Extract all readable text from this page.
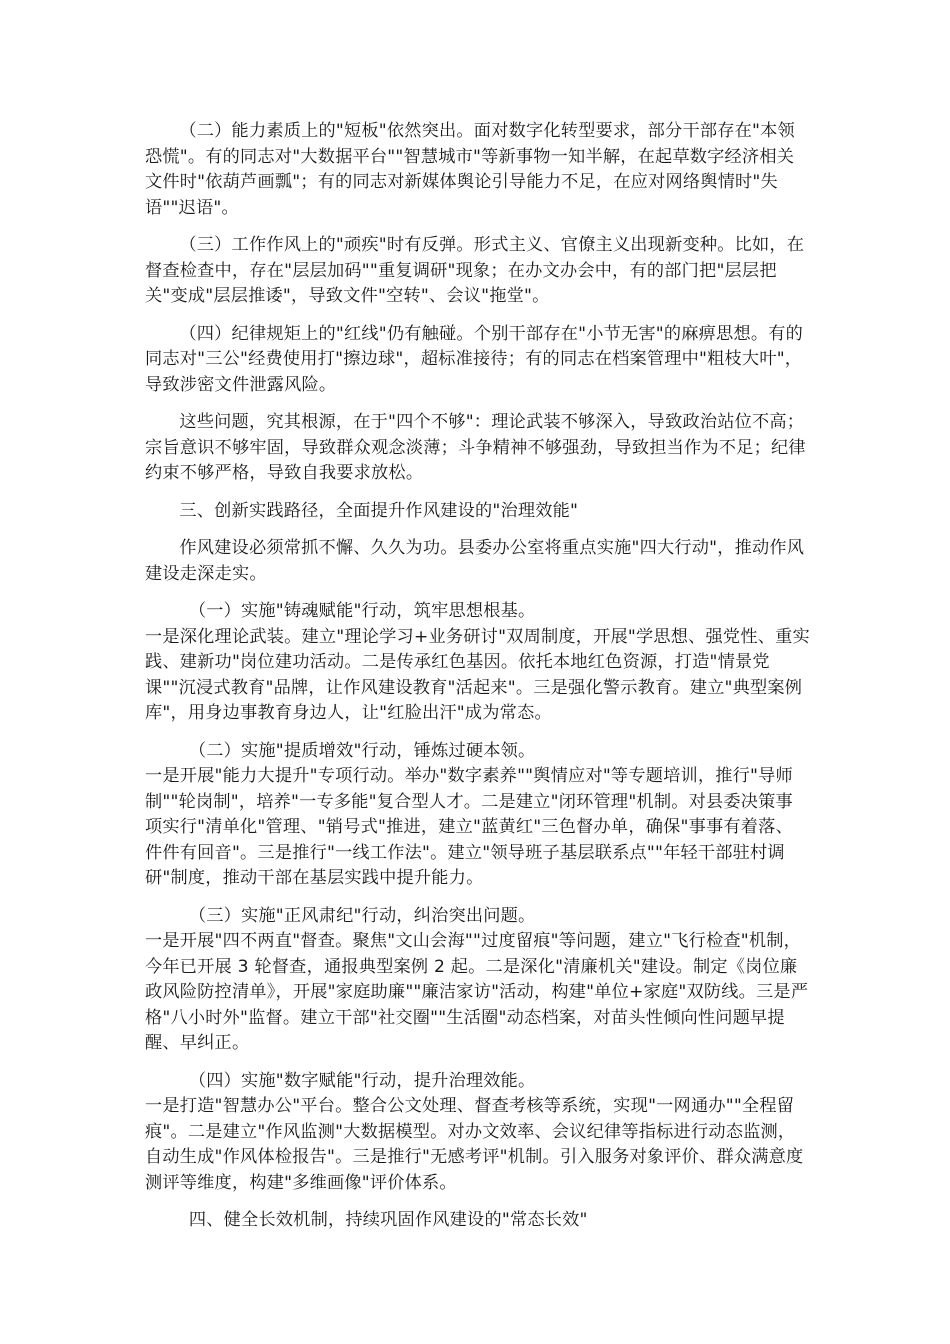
（二）能力素质上的"短板"依然突出。面对数字化转型要求，部分干部存在"本领恐慌"。有的同志对"大数据平台""智慧城市"等新事物一知半解，在起草数字经济相关文件时"依葫芦画瓢"；有的同志对新媒体舆论引导能力不足，在应对网络舆情时"失语""迟语"。

（三）工作作风上的"顽疾"时有反弹。形式主义、官僚主义出现新变种。比如，在督查检查中，存在"层层加码""重复调研"现象；在办文办会中，有的部门把"层层把关"变成"层层推诿"，导致文件"空转"、会议"拖堂"。

（四）纪律规矩上的"红线"仍有触碰。个别干部存在"小节无害"的麻痹思想。有的同志对"三公"经费使用打"擦边球"，超标准接待；有的同志在档案管理中"粗枝大叶"，导致涉密文件泄露风险。

这些问题，究其根源，在于"四个不够"：理论武装不够深入，导致政治站位不高；宗旨意识不够牢固，导致群众观念淡薄；斗争精神不够强劲，导致担当作为不足；纪律约束不够严格，导致自我要求放松。

三、创新实践路径，全面提升作风建设的"治理效能"

作风建设必须常抓不懈、久久为功。县委办公室将重点实施"四大行动"，推动作风建设走深走实。

（一）实施"铸魂赋能"行动，筑牢思想根基。

一是深化理论武装。建立"理论学习+业务研讨"双周制度，开展"学思想、强党性、重实践、建新功"岗位建功活动。二是传承红色基因。依托本地红色资源，打造"情景党课""沉浸式教育"品牌，让作风建设教育"活起来"。三是强化警示教育。建立"典型案例库"，用身边事教育身边人，让"红脸出汗"成为常态。

（二）实施"提质增效"行动，锤炼过硬本领。

一是开展"能力大提升"专项行动。举办"数字素养""舆情应对"等专题培训，推行"导师制""轮岗制"，培养"一专多能"复合型人才。二是建立"闭环管理"机制。对县委决策事项实行"清单化"管理、"销号式"推进，建立"蓝黄红"三色督办单，确保"事事有着落、件件有回音"。三是推行"一线工作法"。建立"领导班子基层联系点""年轻干部驻村调研"制度，推动干部在基层实践中提升能力。

（三）实施"正风肃纪"行动，纠治突出问题。

一是开展"四不两直"督查。聚焦"文山会海""过度留痕"等问题，建立"飞行检查"机制，今年已开展 3 轮督查，通报典型案例 2 起。二是深化"清廉机关"建设。制定《岗位廉政风险防控清单》，开展"家庭助廉""廉洁家访"活动，构建"单位+家庭"双防线。三是严格"八小时外"监督。建立干部"社交圈""生活圈"动态档案，对苗头性倾向性问题早提醒、早纠正。

（四）实施"数字赋能"行动，提升治理效能。

一是打造"智慧办公"平台。整合公文处理、督查考核等系统，实现"一网通办""全程留痕"。二是建立"作风监测"大数据模型。对办文效率、会议纪律等指标进行动态监测，自动生成"作风体检报告"。三是推行"无感考评"机制。引入服务对象评价、群众满意度测评等维度，构建"多维画像"评价体系。

四、健全长效机制，持续巩固作风建设的"常态长效"
